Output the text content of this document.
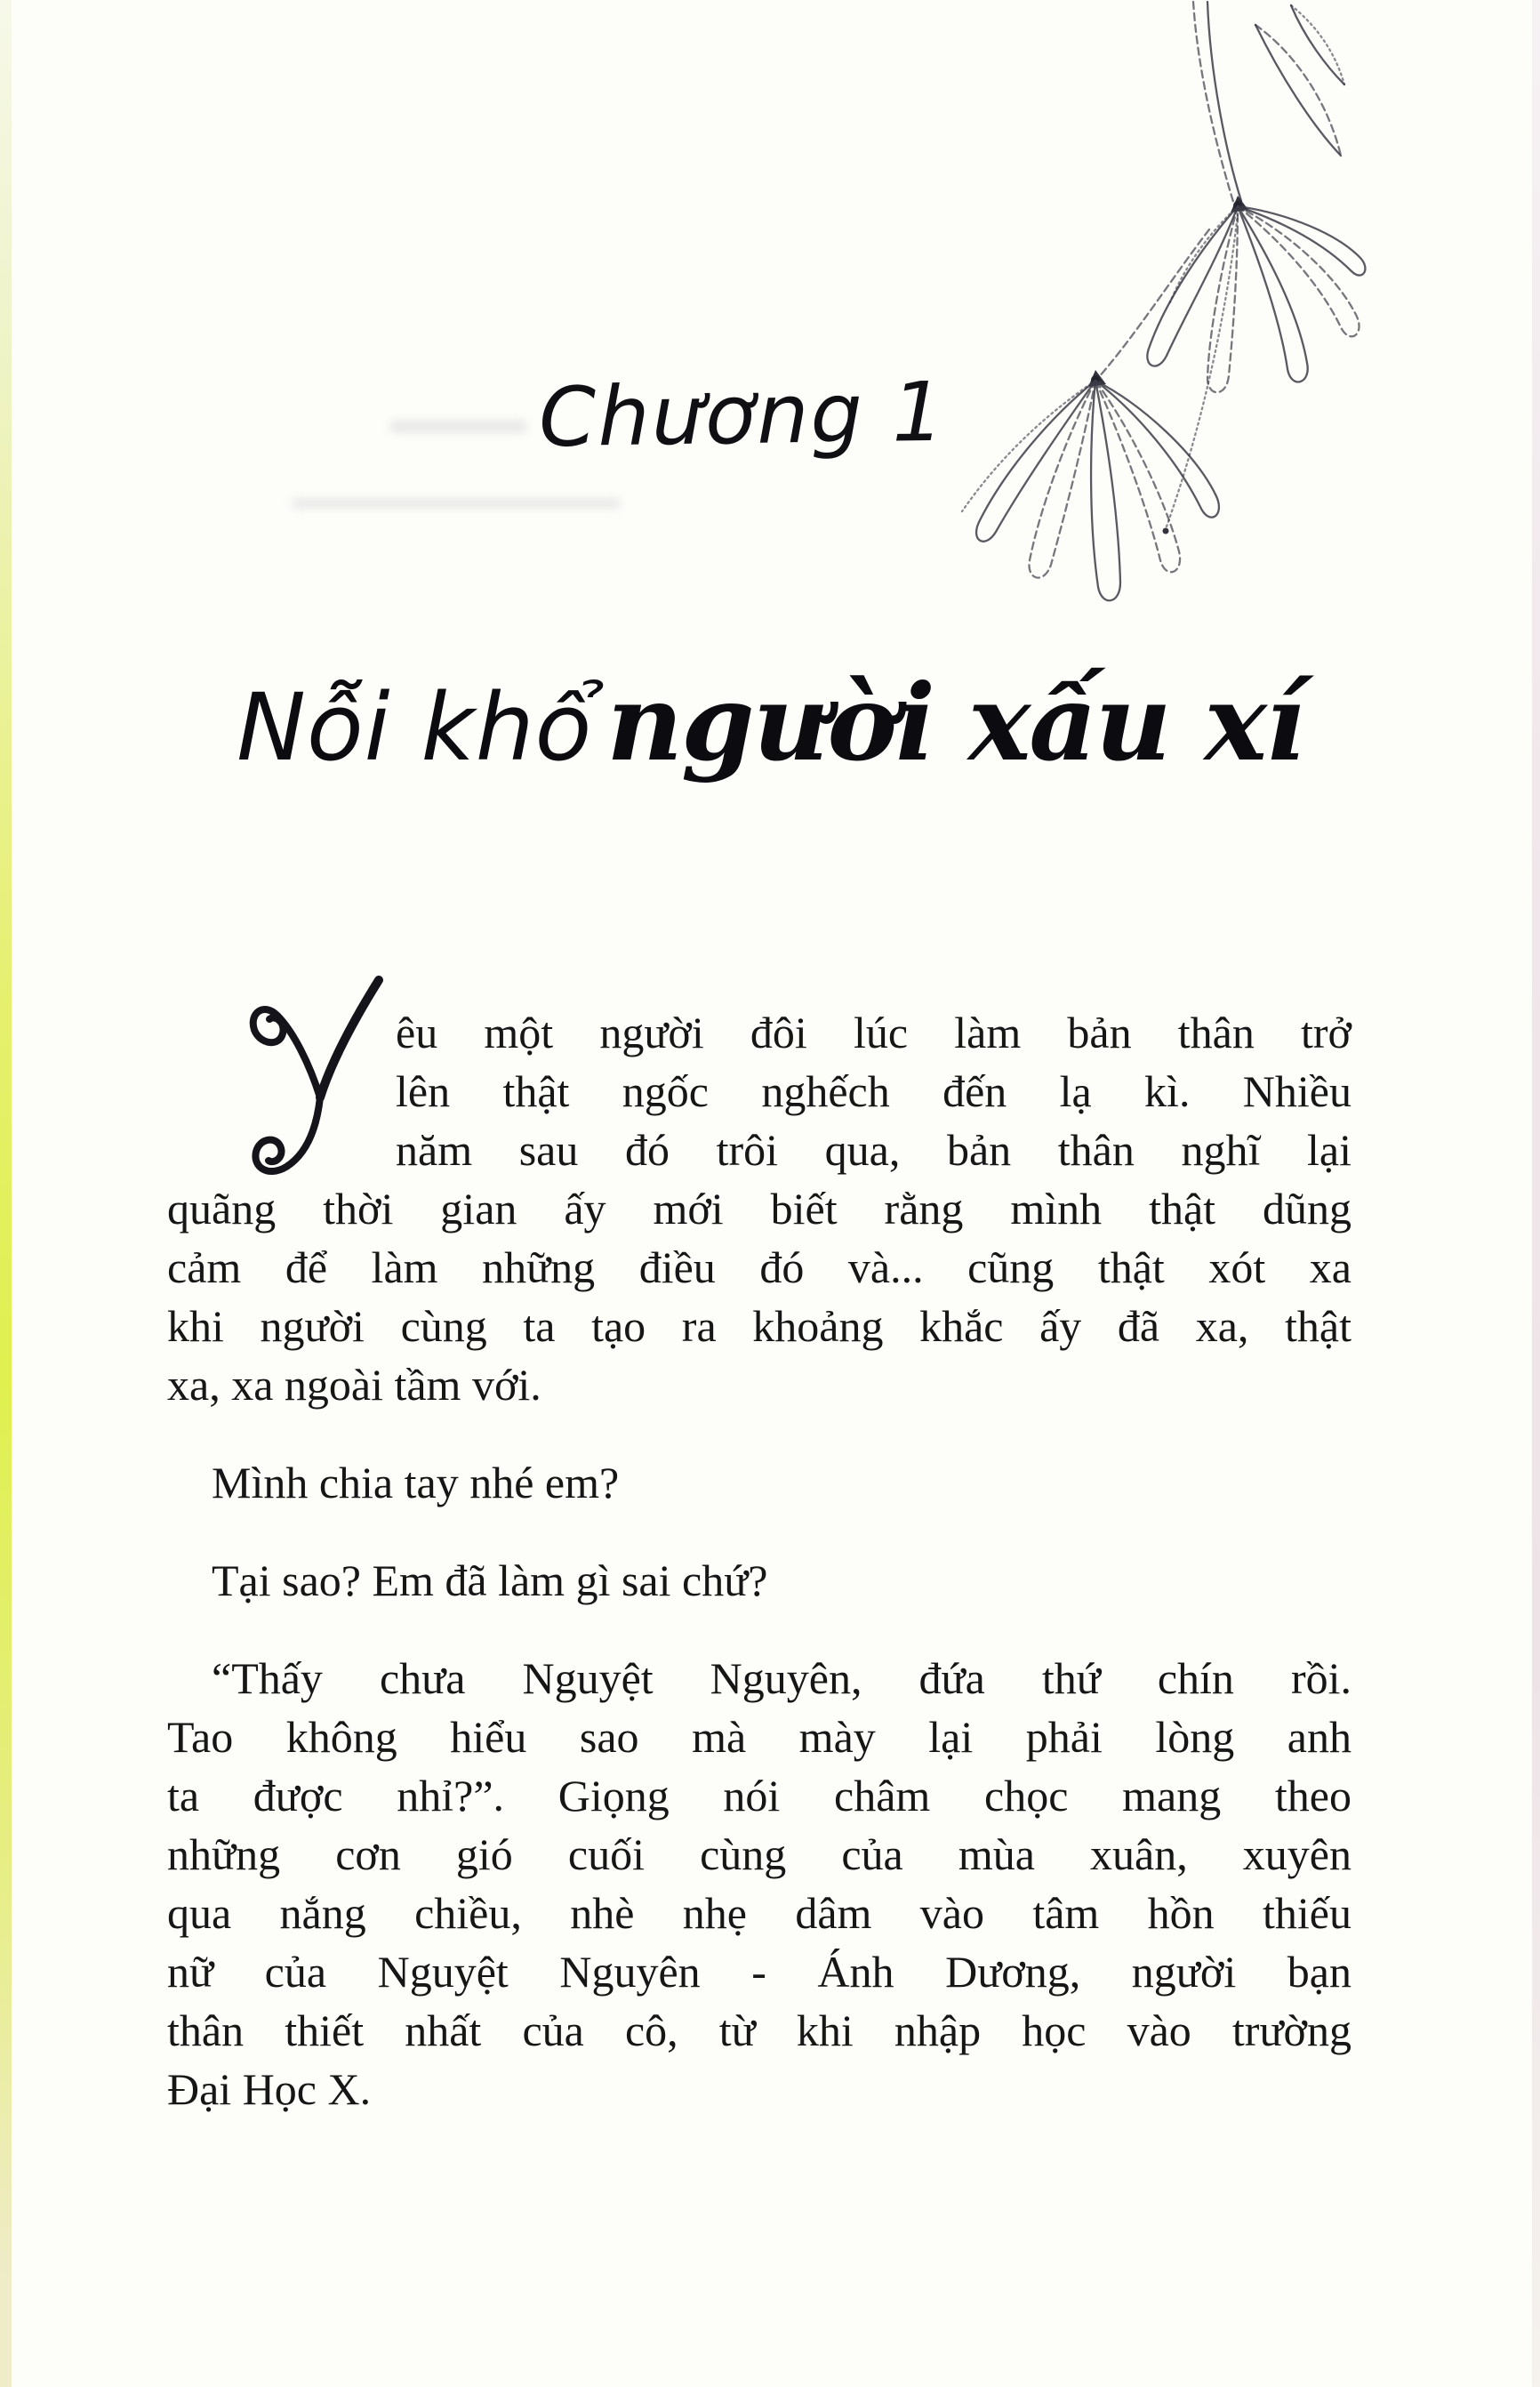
Chương 1
Nỗi khổ người xấu xí
êu một người đôi lúc làm bản thân trở
lên thật ngốc nghếch đến lạ kì. Nhiều
năm sau đó trôi qua, bản thân nghĩ lại
quãng thời gian ấy mới biết rằng mình thật dũng
cảm để làm những điều đó và... cũng thật xót xa
khi người cùng ta tạo ra khoảng khắc ấy đã xa, thật
xa, xa ngoài tầm với.
Mình chia tay nhé em?
Tại sao? Em đã làm gì sai chứ?
“Thấy chưa Nguyệt Nguyên, đứa thứ chín rồi.
Tao không hiểu sao mà mày lại phải lòng anh
ta được nhỉ?”. Giọng nói châm chọc mang theo
những cơn gió cuối cùng của mùa xuân, xuyên
qua nắng chiều, nhè nhẹ dâm vào tâm hồn thiếu
nữ của Nguyệt Nguyên - Ánh Dương, người bạn
thân thiết nhất của cô, từ khi nhập học vào trường
Đại Học X.
